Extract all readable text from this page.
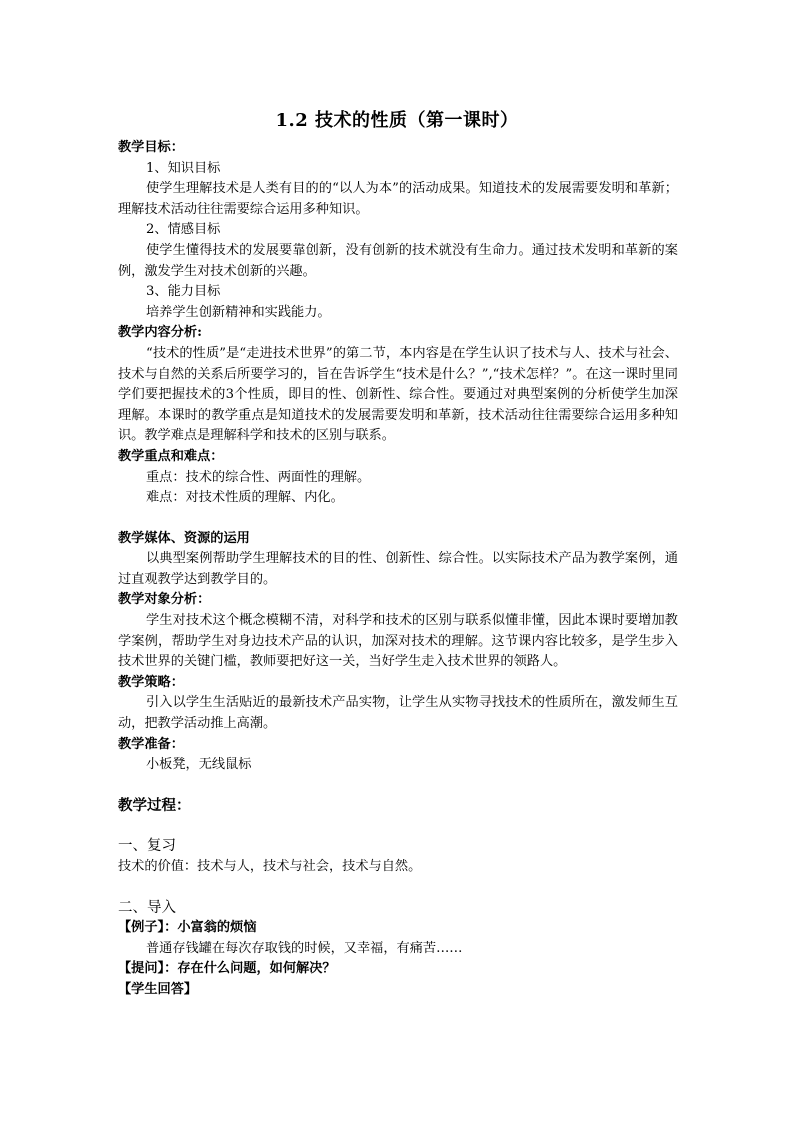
1.2 技术的性质（第一课时）
教学目标：
1、知识目标
使学生理解技术是人类有目的的“以人为本”的活动成果。知道技术的发展需要发明和革新；理解技术活动往往需要综合运用多种知识。
2、情感目标
使学生懂得技术的发展要靠创新，没有创新的技术就没有生命力。通过技术发明和革新的案例，激发学生对技术创新的兴趣。
3、能力目标
培养学生创新精神和实践能力。
教学内容分析:
“技术的性质”是“走进技术世界”的第二节，本内容是在学生认识了技术与人、技术与社会、技术与自然的关系后所要学习的，旨在告诉学生“技术是什么？”,“技术怎样？”。在这一课时里同学们要把握技术的3个性质，即目的性、创新性、综合性。要通过对典型案例的分析使学生加深理解。本课时的教学重点是知道技术的发展需要发明和革新，技术活动往往需要综合运用多种知识。教学难点是理解科学和技术的区别与联系。
教学重点和难点：
重点：技术的综合性、两面性的理解。
难点：对技术性质的理解、内化。
教学媒体、资源的运用
以典型案例帮助学生理解技术的目的性、创新性、综合性。以实际技术产品为教学案例，通过直观教学达到教学目的。
教学对象分析：
学生对技术这个概念模糊不清，对科学和技术的区别与联系似懂非懂，因此本课时要增加教学案例，帮助学生对身边技术产品的认识，加深对技术的理解。这节课内容比较多，是学生步入技术世界的关键门槛，教师要把好这一关，当好学生走入技术世界的领路人。
教学策略：
引入以学生生活贴近的最新技术产品实物，让学生从实物寻找技术的性质所在，激发师生互动，把教学活动推上高潮。
教学准备：
小板凳，无线鼠标
教学过程：
一、复习
技术的价值：技术与人，技术与社会，技术与自然。
二、导入
【例子】：小富翁的烦恼
普通存钱罐在每次存取钱的时候，又幸福，有痛苦……
【提问】：存在什么问题，如何解决？
【学生回答】
